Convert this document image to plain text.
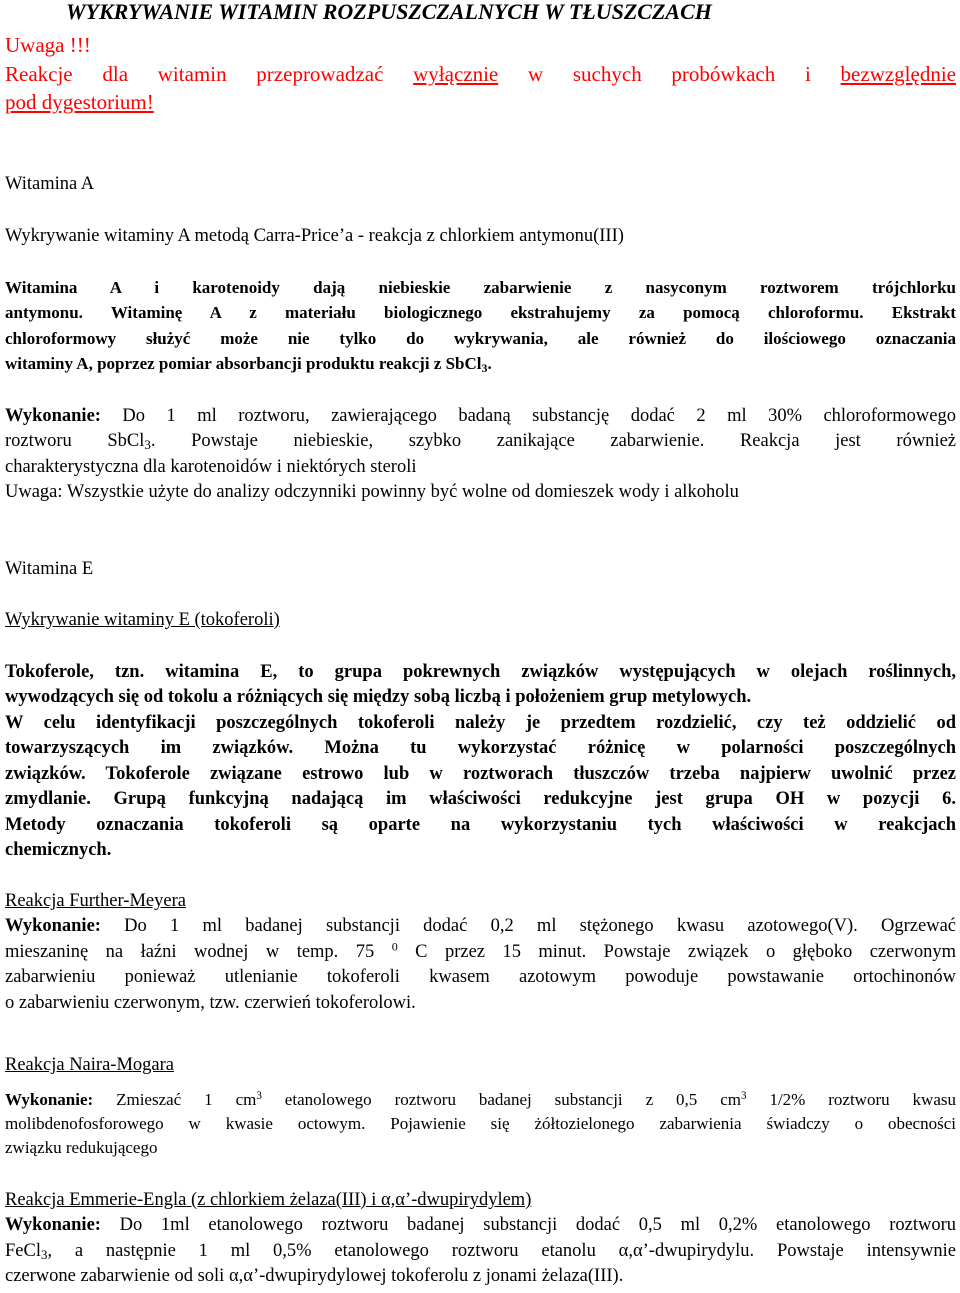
WYKRYWANIE WITAMIN ROZPUSZCZALNYCH W TŁUSZCZACH

Uwaga !!!

Reakcje dla witamin przeprowadzać wyłącznie w suchych probówkach i bezwzględnie

pod dygestorium!

Witamina A

Wykrywanie witaminy A metodą Carra-Price’a - reakcja z chlorkiem antymonu(III)

Witamina A i karotenoidy dają niebieskie zabarwienie z nasyconym roztworem trójchlorku

antymonu. Witaminę A z materiału biologicznego ekstrahujemy za pomocą chloroformu. Ekstrakt

chloroformowy służyć może nie tylko do wykrywania, ale również do ilościowego oznaczania

witaminy A, poprzez pomiar absorbancji produktu reakcji z SbCl$_3$.

Wykonanie: Do 1 ml roztworu, zawierającego badaną substancję dodać 2 ml 30% chloroformowego

roztworu SbCl$_3$. Powstaje niebieskie, szybko zanikające zabarwienie. Reakcja jest również

charakterystyczna dla karotenoidów i niektórych steroli

Uwaga: Wszystkie użyte do analizy odczynniki powinny być wolne od domieszek wody i alkoholu

Witamina E

Wykrywanie witaminy E (tokoferoli)

Tokoferole, tzn. witamina E, to grupa pokrewnych związków występujących w olejach roślinnych,

wywodzących się od tokolu a różniących się między sobą liczbą i położeniem grup metylowych.

W celu identyfikacji poszczególnych tokoferoli należy je przedtem rozdzielić, czy też oddzielić od

towarzyszących im związków. Można tu wykorzystać różnicę w polarności poszczególnych

związków. Tokoferole związane estrowo lub w roztworach tłuszczów trzeba najpierw uwolnić przez

zmydlanie. Grupą funkcyjną nadającą im właściwości redukcyjne jest grupa OH w pozycji 6.

Metody oznaczania tokoferoli są oparte na wykorzystaniu tych właściwości w reakcjach

chemicznych.

Reakcja Further-Meyera

Wykonanie: Do 1 ml badanej substancji dodać 0,2 ml stężonego kwasu azotowego(V). Ogrzewać

mieszaninę na łaźni wodnej w temp. 75 $^0$ C przez 15 minut. Powstaje związek o głęboko czerwonym

zabarwieniu ponieważ utlenianie tokoferoli kwasem azotowym powoduje powstawanie ortochinonów

o zabarwieniu czerwonym, tzw. czerwień tokoferolowi.

Reakcja Naira-Mogara

Wykonanie: Zmieszać 1 $cm^3$ etanolowego roztworu badanej substancji z 0,5 $cm^3$ 1/2% roztworu kwasu

molibdenofosforowego w kwasie octowym. Pojawienie się żółtozielonego zabarwienia świadczy o obecności

związku redukującego

Reakcja Emmerie-Engla (z chlorkiem żelaza(III) i α,α’-dwupirydylem)

Wykonanie: Do 1ml etanolowego roztworu badanej substancji dodać 0,5 ml 0,2% etanolowego roztworu

FeCl$_3$, a następnie 1 ml 0,5% etanolowego roztworu etanolu α,α’-dwupirydylu. Powstaje intensywnie

czerwone zabarwienie od soli α,α’-dwupirydylowej tokoferolu z jonami żelaza(III).
